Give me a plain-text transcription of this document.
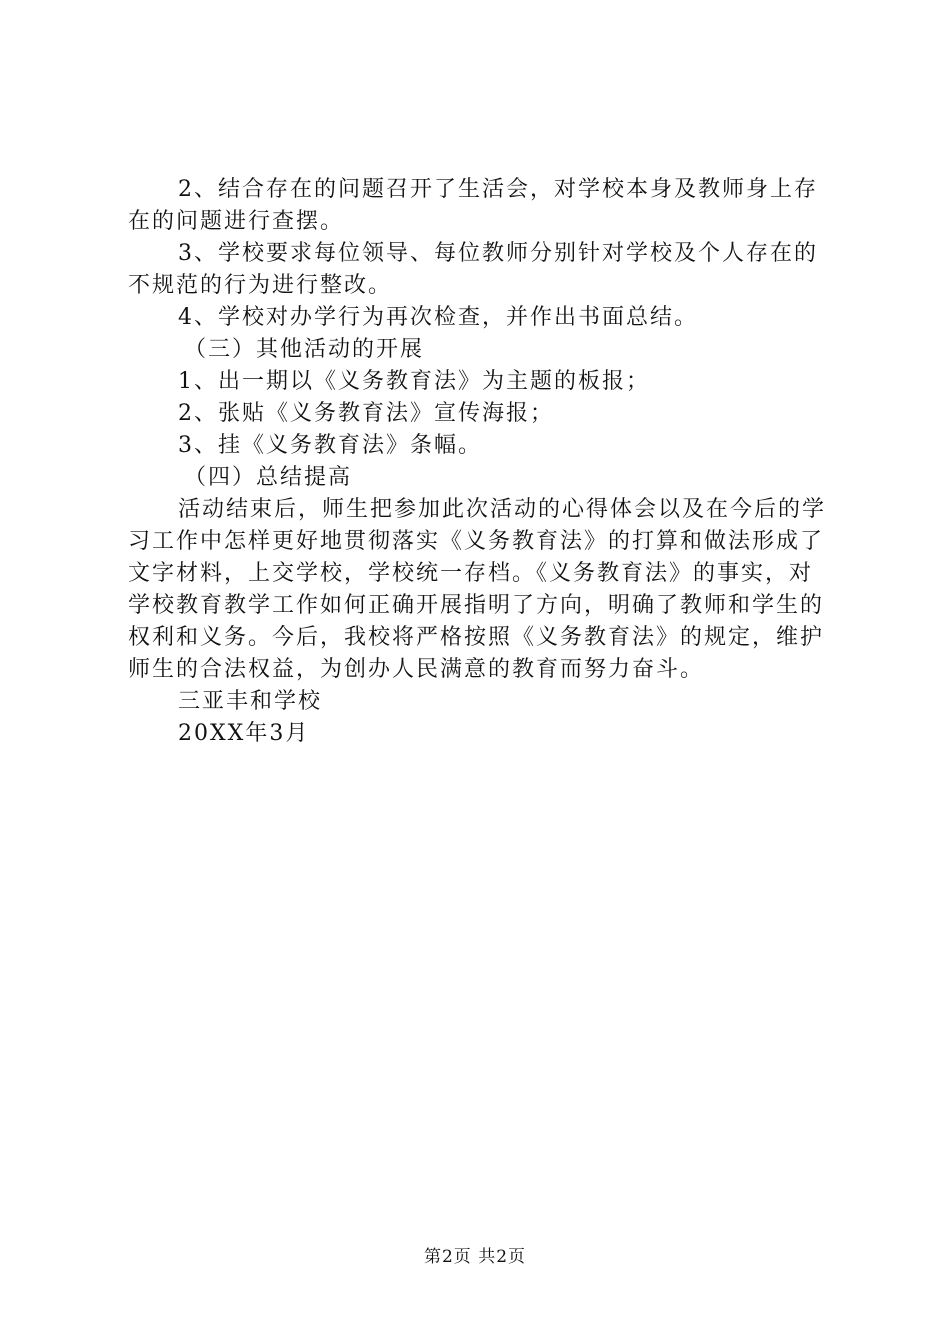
2、结合存在的问题召开了生活会，对学校本身及教师身上存在的问题进行查摆。

3、学校要求每位领导、每位教师分别针对学校及个人存在的不规范的行为进行整改。

4、学校对办学行为再次检查，并作出书面总结。

（三）其他活动的开展

1、出一期以《义务教育法》为主题的板报；

2、张贴《义务教育法》宣传海报；

3、挂《义务教育法》条幅。

（四）总结提高

活动结束后，师生把参加此次活动的心得体会以及在今后的学习工作中怎样更好地贯彻落实《义务教育法》的打算和做法形成了文字材料，上交学校，学校统一存档。《义务教育法》的事实，对学校教育教学工作如何正确开展指明了方向，明确了教师和学生的权利和义务。今后，我校将严格按照《义务教育法》的规定，维护师生的合法权益，为创办人民满意的教育而努力奋斗。

三亚丰和学校

20XX年3月

第2页 共2页
